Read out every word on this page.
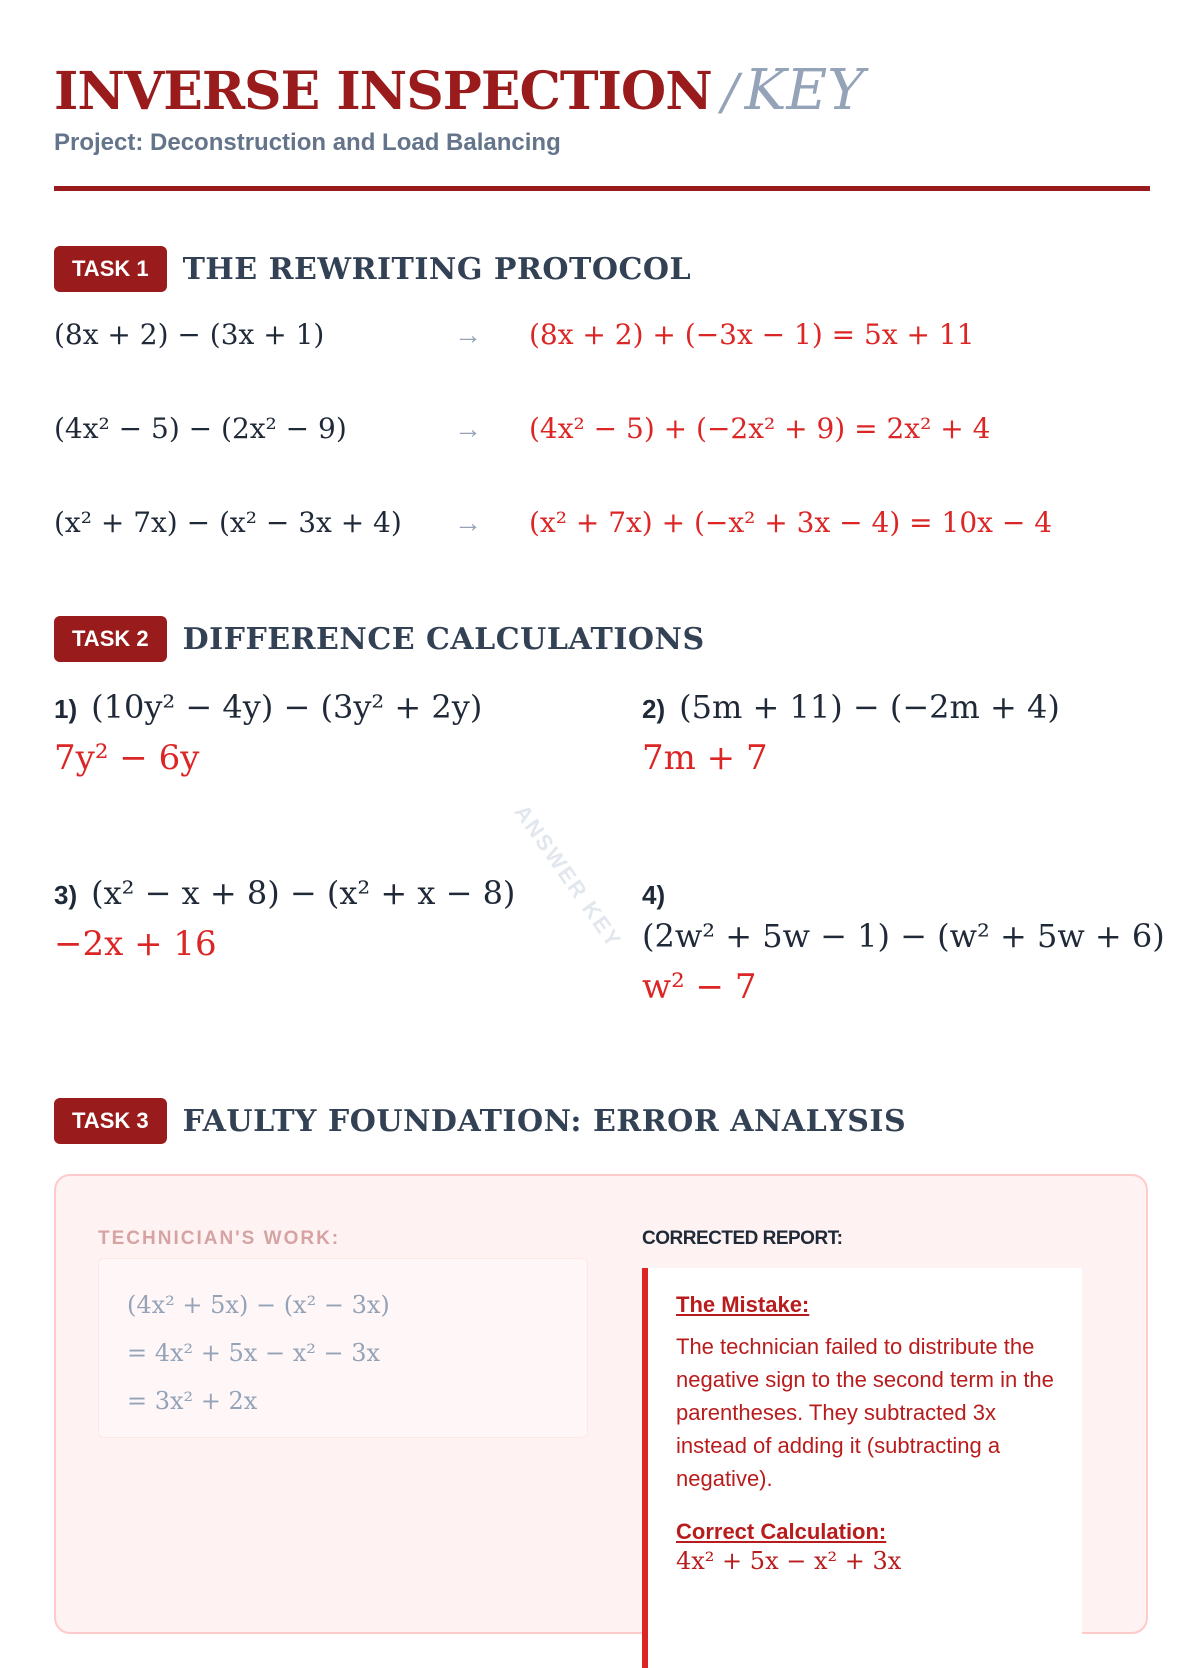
INVERSE INSPECTION / KEY
Project: Deconstruction and Load Balancing
TASK 1	THE REWRITING PROTOCOL
(8x + 2) − (3x + 1)	→	(8x + 2) + (−3x − 1) = 5x + 11
(4x² − 5) − (2x² − 9)	→	(4x² − 5) + (−2x² + 9) = 2x² + 4
(x² + 7x) − (x² − 3x + 4)	→	(x² + 7x) + (−x² + 3x − 4) = 10x − 4
TASK 2	DIFFERENCE CALCULATIONS
ANSWER KEY
1) (10y² − 4y) − (3y² + 2y)
7y² − 6y
2) (5m + 11) − (−2m + 4)
7m + 7
3) (x² − x + 8) − (x² + x − 8)
−2x + 16
4)
(2w² + 5w − 1) − (w² + 5w + 6)
w² − 7
TASK 3	FAULTY FOUNDATION: ERROR ANALYSIS
TECHNICIAN'S WORK:
(4x² + 5x) − (x² − 3x)
= 4x² + 5x − x² − 3x
= 3x² + 2x
CORRECTED REPORT:
The Mistake:
The technician failed to distribute the negative sign to the second term in the parentheses. They subtracted 3x instead of adding it (subtracting a negative).
Correct Calculation:
4x² + 5x − x² + 3x
